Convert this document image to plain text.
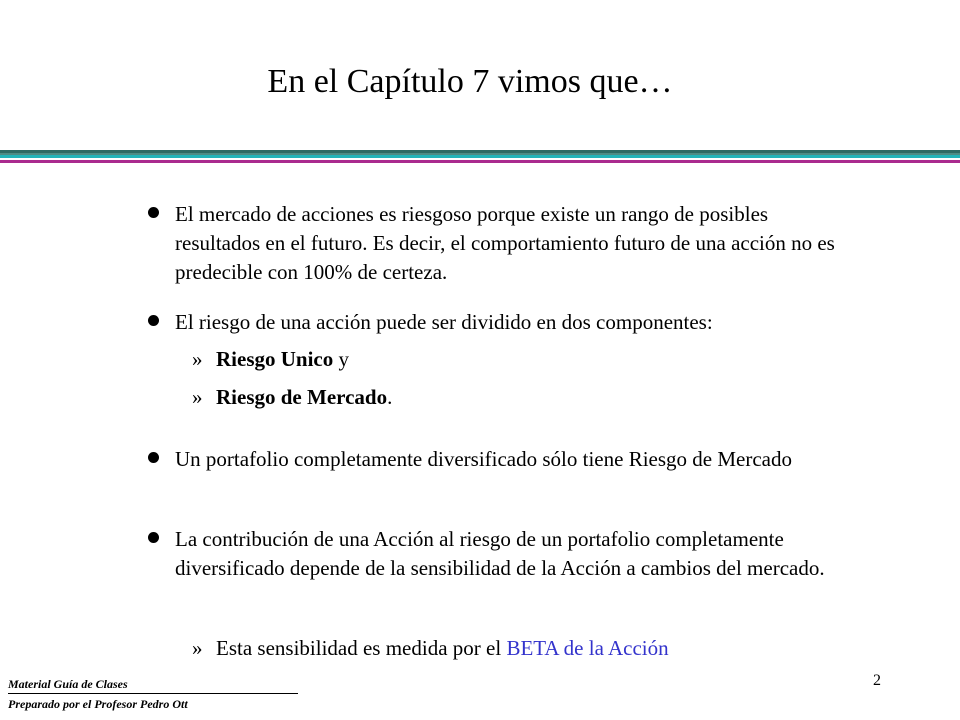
En el Capítulo 7 vimos que…
El mercado de acciones es riesgoso porque existe un rango de posibles resultados en el futuro. Es decir, el comportamiento futuro de una acción no es predecible con 100% de certeza.
El riesgo de una acción puede ser dividido en dos componentes:
» Riesgo Unico y
» Riesgo de Mercado.
Un portafolio completamente diversificado sólo tiene Riesgo de Mercado
La contribución de una Acción al riesgo de un portafolio completamente diversificado depende de la sensibilidad de la Acción a cambios del mercado.
» Esta sensibilidad es medida por el BETA de la Acción
2
Material Guía de Clases
Preparado por el Profesor Pedro Ott
